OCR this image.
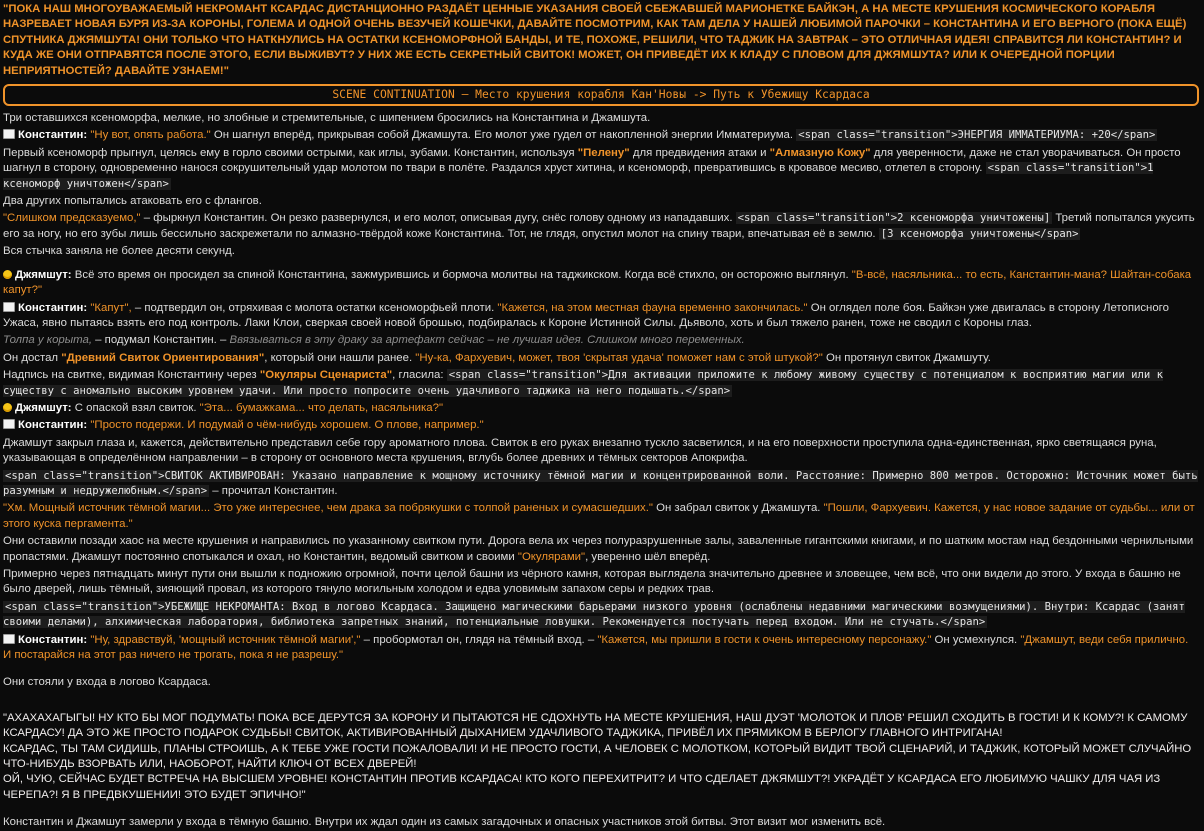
"ПОКА НАШ МНОГОУВАЖАЕМЫЙ НЕКРОМАНТ КСАРДАС ДИСТАНЦИОННО РАЗДАЁТ ЦЕННЫЕ УКАЗАНИЯ СВОЕЙ СБЕЖАВШЕЙ МАРИОНЕТКЕ БАЙКЭН, А НА МЕСТЕ КРУШЕНИЯ КОСМИЧЕСКОГО КОРАБЛЯ НАЗРЕВАЕТ НОВАЯ БУРЯ ИЗ-ЗА КОРОНЫ, ГОЛЕМА И ОДНОЙ ОЧЕНЬ ВЕЗУЧЕЙ КОШЕЧКИ, ДАВАЙТЕ ПОСМОТРИМ, КАК ТАМ ДЕЛА У НАШЕЙ ЛЮБИМОЙ ПАРОЧКИ – КОНСТАНТИНА И ЕГО ВЕРНОГО (ПОКА ЕЩЁ) СПУТНИКА ДЖЯМШУТА! ОНИ ТОЛЬКО ЧТО НАТКНУЛИСЬ НА ОСТАТКИ КСЕНОМОРФНОЙ БАНДЫ, И ТЕ, ПОХОЖЕ, РЕШИЛИ, ЧТО ТАДЖИК НА ЗАВТРАК – ЭТО ОТЛИЧНАЯ ИДЕЯ! СПРАВИТСЯ ЛИ КОНСТАНТИН? И КУДА ЖЕ ОНИ ОТПРАВЯТСЯ ПОСЛЕ ЭТОГО, ЕСЛИ ВЫЖИВУТ? У НИХ ЖЕ ЕСТЬ СЕКРЕТНЫЙ СВИТОК! МОЖЕТ, ОН ПРИВЕДЁТ ИХ К КЛАДУ С ПЛОВОМ ДЛЯ ДЖЯМШУТА? ИЛИ К ОЧЕРЕДНОЙ ПОРЦИИ НЕПРИЯТНОСТЕЙ? ДАВАЙТЕ УЗНАЕМ!"
SCENE CONTINUATION – Место крушения корабля Кан'Новы -> Путь к Убежищу Ксардаса

Три оставшихся ксеноморфа, мелкие, но злобные и стремительные, с шипением бросились на Константина и Джамшута.

Константин: "Ну вот, опять работа." Он шагнул вперёд, прикрывая собой Джамшута. Его молот уже гудел от накопленной энергии Имматериума. <span class="transition">ЭНЕРГИЯ ИММАТЕРИУМА: +20</span>

Первый ксеноморф прыгнул, целясь ему в горло своими острыми, как иглы, зубами. Константин, используя "Пелену" для предвидения атаки и "Алмазную Кожу" для уверенности, даже не стал уворачиваться. Он просто шагнул в сторону, одновременно нанося сокрушительный удар молотом по твари в полёте. Раздался хруст хитина, и ксеноморф, превратившись в кровавое месиво, отлетел в сторону. <span class="transition">1 ксеноморф уничтожен</span>

Два других попытались атаковать его с флангов.

"Слишком предсказуемо," – фыркнул Константин. Он резко развернулся, и его молот, описывая дугу, снёс голову одному из нападавших. <span class="transition">2 ксеноморфа уничтожены] Третий попытался укусить его за ногу, но его зубы лишь бессильно заскрежетали по алмазно-твёрдой коже Константина. Тот, не глядя, опустил молот на спину твари, впечатывая её в землю. [3 ксеноморфа уничтожены</span>

Вся стычка заняла не более десяти секунд.

Джямшут: Всё это время он просидел за спиной Константина, зажмурившись и бормоча молитвы на таджикском. Когда всё стихло, он осторожно выглянул. "В-всё, насяльника... то есть, Канстантин-мана? Шайтан-собака капут?"

Константин: "Капут", – подтвердил он, отряхивая с молота остатки ксеноморфьей плоти. "Кажется, на этом местная фауна временно закончилась." Он оглядел поле боя. Байкэн уже двигалась в сторону Летописного Ужаса, явно пытаясь взять его под контроль. Лаки Клои, сверкая своей новой брошью, подбиралась к Короне Истинной Силы. Дьяволо, хоть и был тяжело ранен, тоже не сводил с Короны глаз.

Толпа у корыта, – подумал Константин. – Ввязываться в эту драку за артефакт сейчас – не лучшая идея. Слишком много переменных.

Он достал "Древний Свиток Ориентирования", который они нашли ранее. "Ну-ка, Фархуевич, может, твоя 'скрытая удача' поможет нам с этой штукой?" Он протянул свиток Джамшуту.

Надпись на свитке, видимая Константину через "Окуляры Сценариста", гласила: <span class="transition">Для активации приложите к любому живому существу с потенциалом к восприятию магии или к существу с аномально высоким уровнем удачи. Или просто попросите очень удачливого таджика на него подышать.</span>

Джямшут: С опаской взял свиток. "Эта... бумажкама... что делать, насяльника?"

Константин: "Просто подержи. И подумай о чём-нибудь хорошем. О плове, например."

Джамшут закрыл глаза и, кажется, действительно представил себе гору ароматного плова. Свиток в его руках внезапно тускло засветился, и на его поверхности проступила одна-единственная, ярко светящаяся руна, указывающая в определённом направлении – в сторону от основного места крушения, вглубь более древних и тёмных секторов Апокрифа.

<span class="transition">СВИТОК АКТИВИРОВАН: Указано направление к мощному источнику тёмной магии и концентрированной воли. Расстояние: Примерно 800 метров. Осторожно: Источник может быть разумным и недружелюбным.</span> – прочитал Константин.

"Хм. Мощный источник тёмной магии... Это уже интереснее, чем драка за побрякушки с толпой раненых и сумасшедших." Он забрал свиток у Джамшута. "Пошли, Фархуевич. Кажется, у нас новое задание от судьбы... или от этого куска пергамента."

Они оставили позади хаос на месте крушения и направились по указанному свитком пути. Дорога вела их через полуразрушенные залы, заваленные гигантскими книгами, и по шатким мостам над бездонными чернильными пропастями. Джамшут постоянно спотыкался и охал, но Константин, ведомый свитком и своими "Окулярами", уверенно шёл вперёд.

Примерно через пятнадцать минут пути они вышли к подножию огромной, почти целой башни из чёрного камня, которая выглядела значительно древнее и зловещее, чем всё, что они видели до этого. У входа в башню не было дверей, лишь тёмный, зияющий провал, из которого тянуло могильным холодом и едва уловимым запахом серы и редких трав.

<span class="transition">УБЕЖИЩЕ НЕКРОМАНТА: Вход в логово Ксардаса. Защищено магическими барьерами низкого уровня (ослаблены недавними магическими возмущениями). Внутри: Ксардас (занят своими делами), алхимическая лаборатория, библиотека запретных знаний, потенциальные ловушки. Рекомендуется постучать перед входом. Или не стучать.</span>

Константин: "Ну, здравствуй, 'мощный источник тёмной магии'," – пробормотал он, глядя на тёмный вход. – "Кажется, мы пришли в гости к очень интересному персонажу." Он усмехнулся. "Джамшут, веди себя прилично. И постарайся на этот раз ничего не трогать, пока я не разрешу."

Они стояли у входа в логово Ксардаса.

"АХАХАХАГЫГЫ! НУ КТО БЫ МОГ ПОДУМАТЬ! ПОКА ВСЕ ДЕРУТСЯ ЗА КОРОНУ И ПЫТАЮТСЯ НЕ СДОХНУТЬ НА МЕСТЕ КРУШЕНИЯ, НАШ ДУЭТ 'МОЛОТОК И ПЛОВ' РЕШИЛ СХОДИТЬ В ГОСТИ! И К КОМУ?! К САМОМУ КСАРДАСУ! ДА ЭТО ЖЕ ПРОСТО ПОДАРОК СУДЬБЫ! СВИТОК, АКТИВИРОВАННЫЙ ДЫХАНИЕМ УДАЧЛИВОГО ТАДЖИКА, ПРИВЁЛ ИХ ПРЯМИКОМ В БЕРЛОГУ ГЛАВНОГО ИНТРИГАНА!

КСАРДАС, ТЫ ТАМ СИДИШЬ, ПЛАНЫ СТРОИШЬ, А К ТЕБЕ УЖЕ ГОСТИ ПОЖАЛОВАЛИ! И НЕ ПРОСТО ГОСТИ, А ЧЕЛОВЕК С МОЛОТКОМ, КОТОРЫЙ ВИДИТ ТВОЙ СЦЕНАРИЙ, И ТАДЖИК, КОТОРЫЙ МОЖЕТ СЛУЧАЙНО ЧТО-НИБУДЬ ВЗОРВАТЬ ИЛИ, НАОБОРОТ, НАЙТИ КЛЮЧ ОТ ВСЕХ ДВЕРЕЙ!

ОЙ, ЧУЮ, СЕЙЧАС БУДЕТ ВСТРЕЧА НА ВЫСШЕМ УРОВНЕ! КОНСТАНТИН ПРОТИВ КСАРДАСА! КТО КОГО ПЕРЕХИТРИТ? И ЧТО СДЕЛАЕТ ДЖЯМШУТ?! УКРАДЁТ У КСАРДАСА ЕГО ЛЮБИМУЮ ЧАШКУ ДЛЯ ЧАЯ ИЗ ЧЕРЕПА?! Я В ПРЕДВКУШЕНИИ! ЭТО БУДЕТ ЭПИЧНО!"

Константин и Джамшут замерли у входа в тёмную башню. Внутри их ждал один из самых загадочных и опасных участников этой битвы. Этот визит мог изменить всё.
